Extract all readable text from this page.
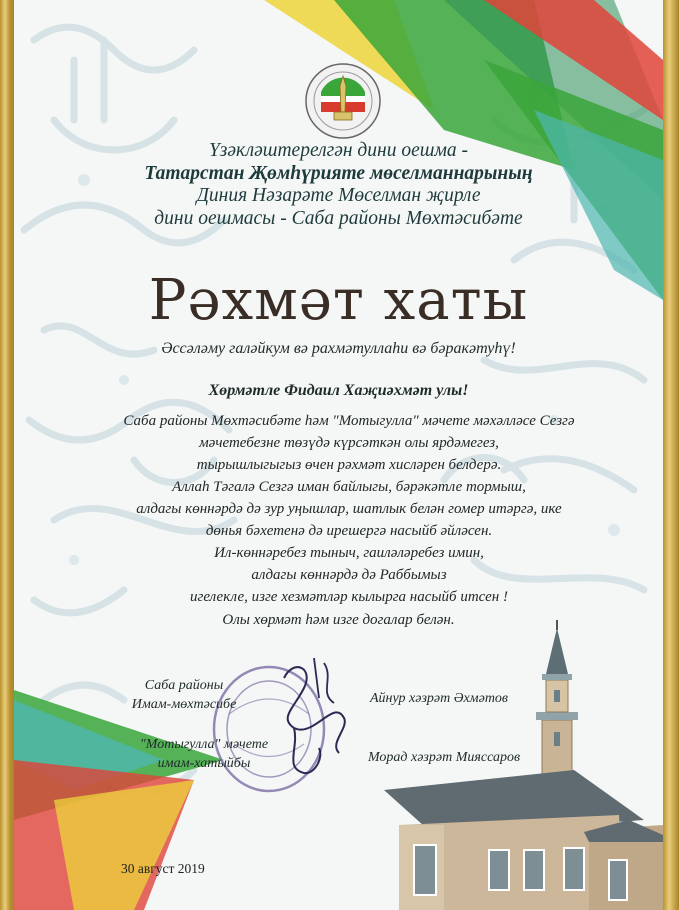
Үзәкләштерелгән дини оешма -
Татарстан Җөмһүрияте мөселманнарының
Диния Нәзарәте Мөселман җирле
дини оешмасы - Саба районы Мөхтәсибәте
Рәхмәт хаты
Әссәләму галәйкум вә рахмәтуллаһи вә бәракәтуһү!
Хөрмәтле Фидаил Хаҗиәхмәт улы!
Саба районы Мөхтәсибәте һәм "Мотыгулла" мәчете мәхәлләсе Сезгә
мәчетебезне төзүдә күрсәткән олы ярдәмегез,
тырышлыгыгыз өчен рәхмәт хисләрен белдерә.
Аллаһ Тәгалә Сезгә иман байлыгы, бәрәкәтле тормыш,
алдагы көннәрдә дә зур уңышлар, шатлык белән гомер итәргә, ике
дөнья бәхетенә дә ирешергә насыйб әйләсен.
Ил-көннәребез тыныч, гаиләләребез имин,
алдагы көннәрдә дә Раббымыз
игелекле, изге хезмәтләр кылырга насыйб итсен !
Олы хөрмәт һәм изге догалар белән.
Саба районы
Имам-мөхтәсибе	Айнур хәзрәт Әхмәтов
"Мотыгулла" мәчете
имам-хатыйбы	Морад хәзрәт Мияссаров
30 август 2019
